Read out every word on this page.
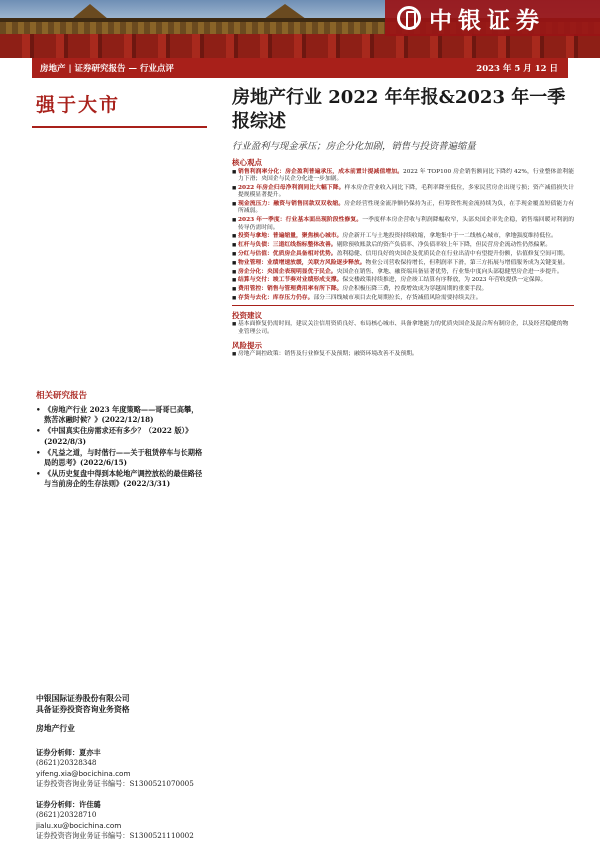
中银证券
房地产 | 证券研究报告 — 行业点评	2023 年 5 月 12 日
强于大市
相关研究报告
• 《房地产行业 2023 年度策略——哥哥已高攀，熬苦冰融时候？》(2022/12/18)
• 《中国真实住房需求还有多少？（2022 版）》(2022/8/3)
• 《凡益之道，与时偕行——关于租赁停车与长期格局的思考》(2022/6/15)
• 《从历史复盘中得到本轮地产调控放松的最佳路径与当前房企的生存法则》(2022/3/31)
中银国际证券股份有限公司
具备证券投资咨询业务资格
房地产行业
证券分析师：夏亦丰
(8621)20328348
yifeng.xia@bocichina.com
证券投资咨询业务证书编号：S1300521070005
证券分析师：许佳璐
(8621)20328710
jialu.xu@bocichina.com
证券投资咨询业务证书编号：S1300521110002
房地产行业 2022 年年报&2023 年一季报综述
行业盈利与现金承压；房企分化加剧，销售与投资普遍缩量
核心观点
■ 销售利润率分化：房企盈利普遍承压，成本前置计提减值增加。2022 年 TOP100 房企销售额同比下降约 42%，行业整体盈利能力下滑；央国企与民企分化进一步加剧。
■ 2022 年房企归母净利润同比大幅下降。样本房企营业收入同比下降，毛利率降至低位，多家民营房企出现亏损；资产减值损失计提规模显著提升。
■ 现金流压力：融资与销售回款双双收缩。房企经营性现金流净额仍保持为正，但筹资性现金流持续为负，在手现金覆盖短债能力有所减弱。
■ 2023 年一季度：行业基本面出现阶段性修复。一季度样本房企营收与利润降幅收窄，头部央国企率先企稳，销售端回暖对利润的传导仍需时间。
■ 投资与拿地：普遍缩量，聚焦核心城市。房企新开工与土地投资持续收缩，拿地集中于一二线核心城市，拿地强度维持低位。
■ 杠杆与负债：三道红线指标整体改善。剔除预收账款后的资产负债率、净负债率较上年下降，但民营房企流动性仍然偏紧。
■ 分红与估值：优质房企具备相对优势。盈利稳健、信用良好的央国企及优质民企在行业出清中有望提升份额，估值修复空间可期。
■ 物业管理：业绩增速放缓，关联方风险逐步释放。物业公司营收保持增长，但利润率下滑，第三方拓展与增值服务成为关键变量。
■ 房企分化：央国企表现明显优于民企。央国企在销售、拿地、融资端具备显著优势，行业集中度向头部稳健型房企进一步提升。
■ 结算与交付：竣工节奏对业绩形成支撑。保交楼政策持续推进，房企竣工结算有序释放，为 2023 年营收提供一定保障。
■ 费用管控：销售与管理费用率有所下降。房企积极压降三费，控费增效成为穿越周期的重要手段。
■ 存货与去化：库存压力仍存。部分三四线城市项目去化周期拉长，存货减值风险需要持续关注。
投资建议
■ 基本面修复仍需时间，建议关注信用资质良好、布局核心城市、具备拿地能力的优质央国企及混合所有制房企，以及经营稳健的物业管理公司。
风险提示
■ 房地产调控政策：销售及行业修复不及预期；融资环境改善不及预期。
